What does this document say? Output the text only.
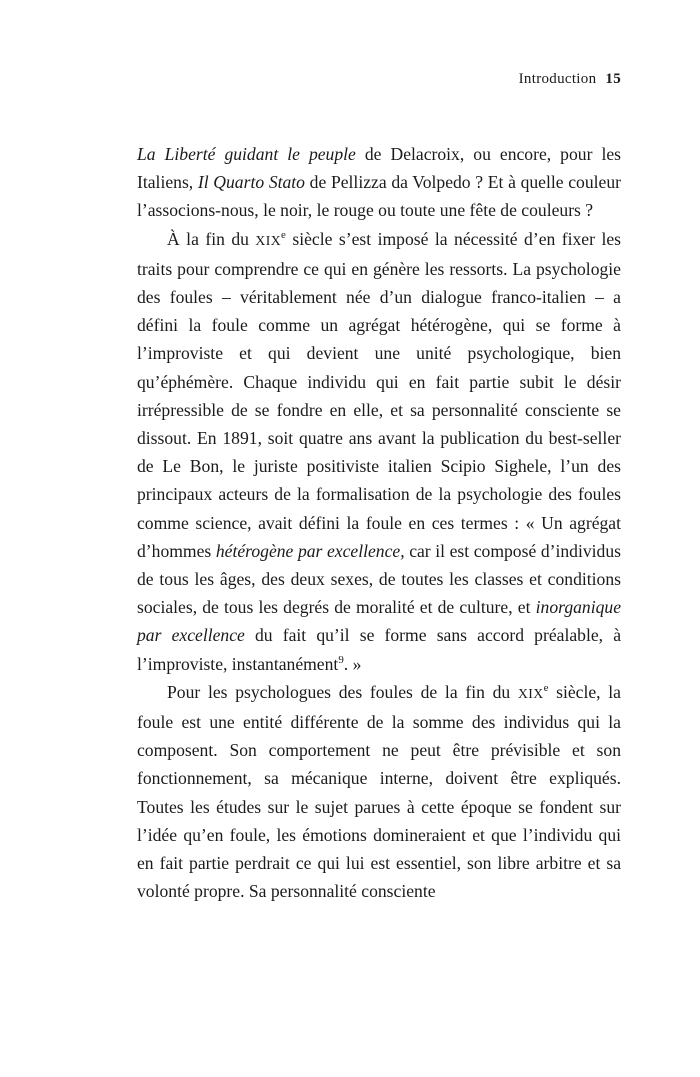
Introduction 15

La Liberté guidant le peuple de Delacroix, ou encore, pour les Italiens, Il Quarto Stato de Pellizza da Volpedo ? Et à quelle couleur l’associons-nous, le noir, le rouge ou toute une fête de couleurs ?

À la fin du XIXe siècle s’est imposé la nécessité d’en fixer les traits pour comprendre ce qui en génère les ressorts. La psychologie des foules – véritablement née d’un dialogue franco-italien – a défini la foule comme un agrégat hétérogène, qui se forme à l’improviste et qui devient une unité psychologique, bien qu’éphémère. Chaque individu qui en fait partie subit le désir irrépressible de se fondre en elle, et sa personnalité consciente se dissout. En 1891, soit quatre ans avant la publication du best-seller de Le Bon, le juriste positiviste italien Scipio Sighele, l’un des principaux acteurs de la formalisation de la psychologie des foules comme science, avait défini la foule en ces termes : « Un agrégat d’hommes hétérogène par excellence, car il est composé d’individus de tous les âges, des deux sexes, de toutes les classes et conditions sociales, de tous les degrés de moralité et de culture, et inorganique par excellence du fait qu’il se forme sans accord préalable, à l’improviste, instantanément$^9$. »

Pour les psychologues des foules de la fin du XIXe siècle, la foule est une entité différente de la somme des individus qui la composent. Son comportement ne peut être prévisible et son fonctionnement, sa mécanique interne, doivent être expliqués. Toutes les études sur le sujet parues à cette époque se fondent sur l’idée qu’en foule, les émotions domineraient et que l’individu qui en fait partie perdrait ce qui lui est essentiel, son libre arbitre et sa volonté propre. Sa personnalité consciente
